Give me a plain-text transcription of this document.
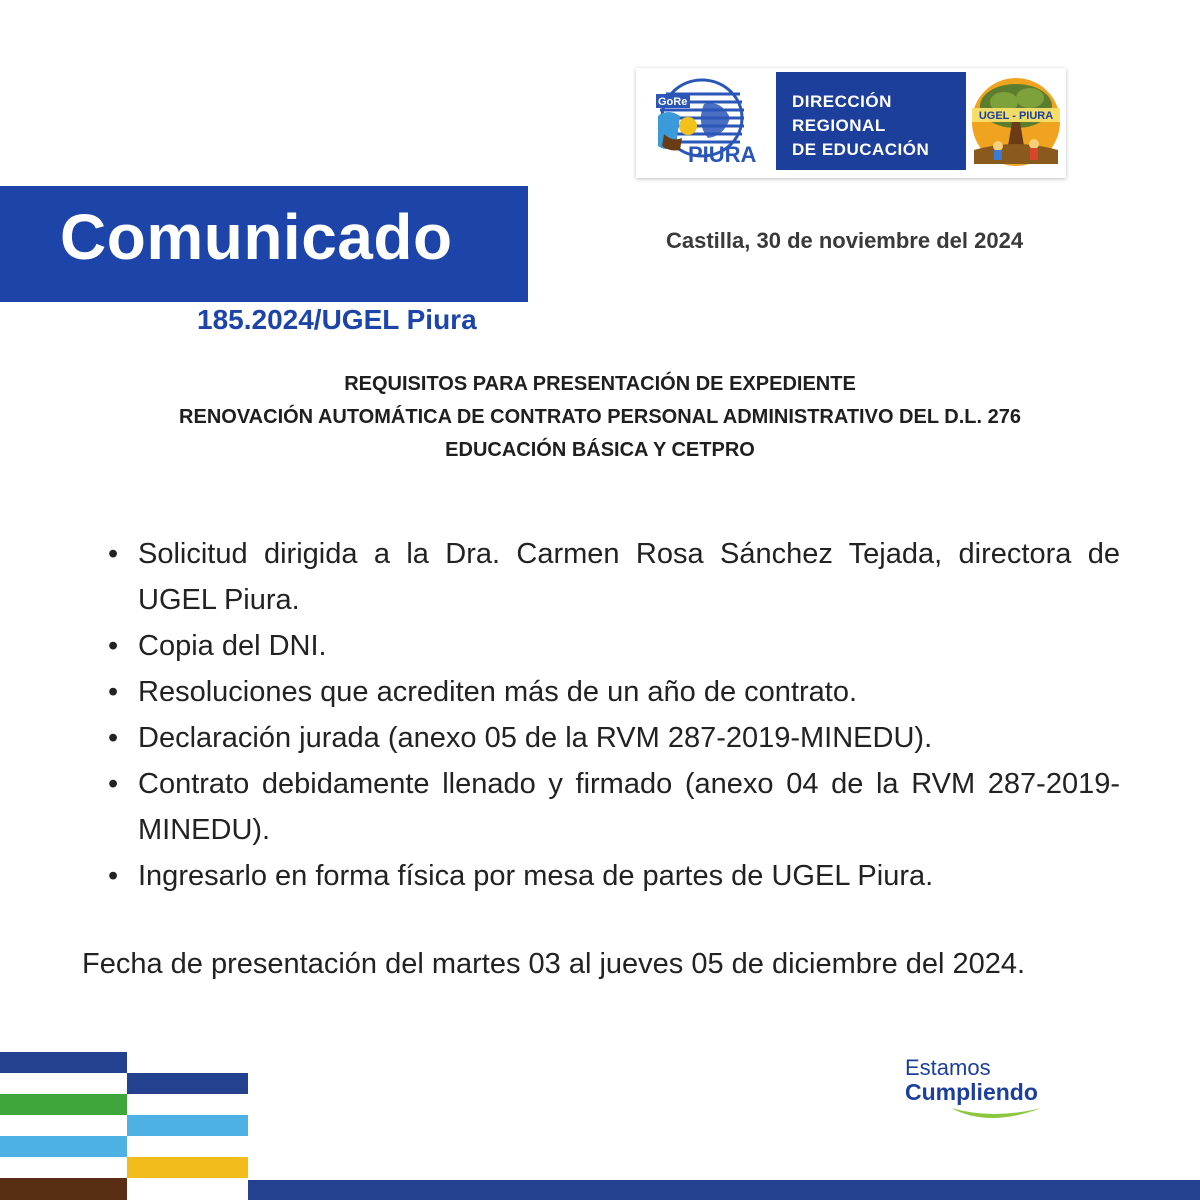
GoRe
PIURA
DIRECCIÓN
REGIONAL
DE EDUCACIÓN
UGEL - PIURA
Comunicado
185.2024/UGEL Piura
Castilla, 30 de noviembre del 2024
REQUISITOS PARA PRESENTACIÓN DE EXPEDIENTE
RENOVACIÓN AUTOMÁTICA DE CONTRATO PERSONAL ADMINISTRATIVO DEL D.L. 276
EDUCACIÓN BÁSICA Y CETPRO
• Solicitud dirigida a la Dra. Carmen Rosa Sánchez Tejada, directora de UGEL Piura.
• Copia del DNI.
• Resoluciones que acrediten más de un año de contrato.
• Declaración jurada (anexo 05 de la RVM 287-2019-MINEDU).
• Contrato debidamente llenado y firmado (anexo 04 de la RVM 287-2019-MINEDU).
• Ingresarlo en forma física por mesa de partes de UGEL Piura.
Fecha de presentación del martes 03 al jueves 05 de diciembre del 2024.
Estamos
Cumpliendo
